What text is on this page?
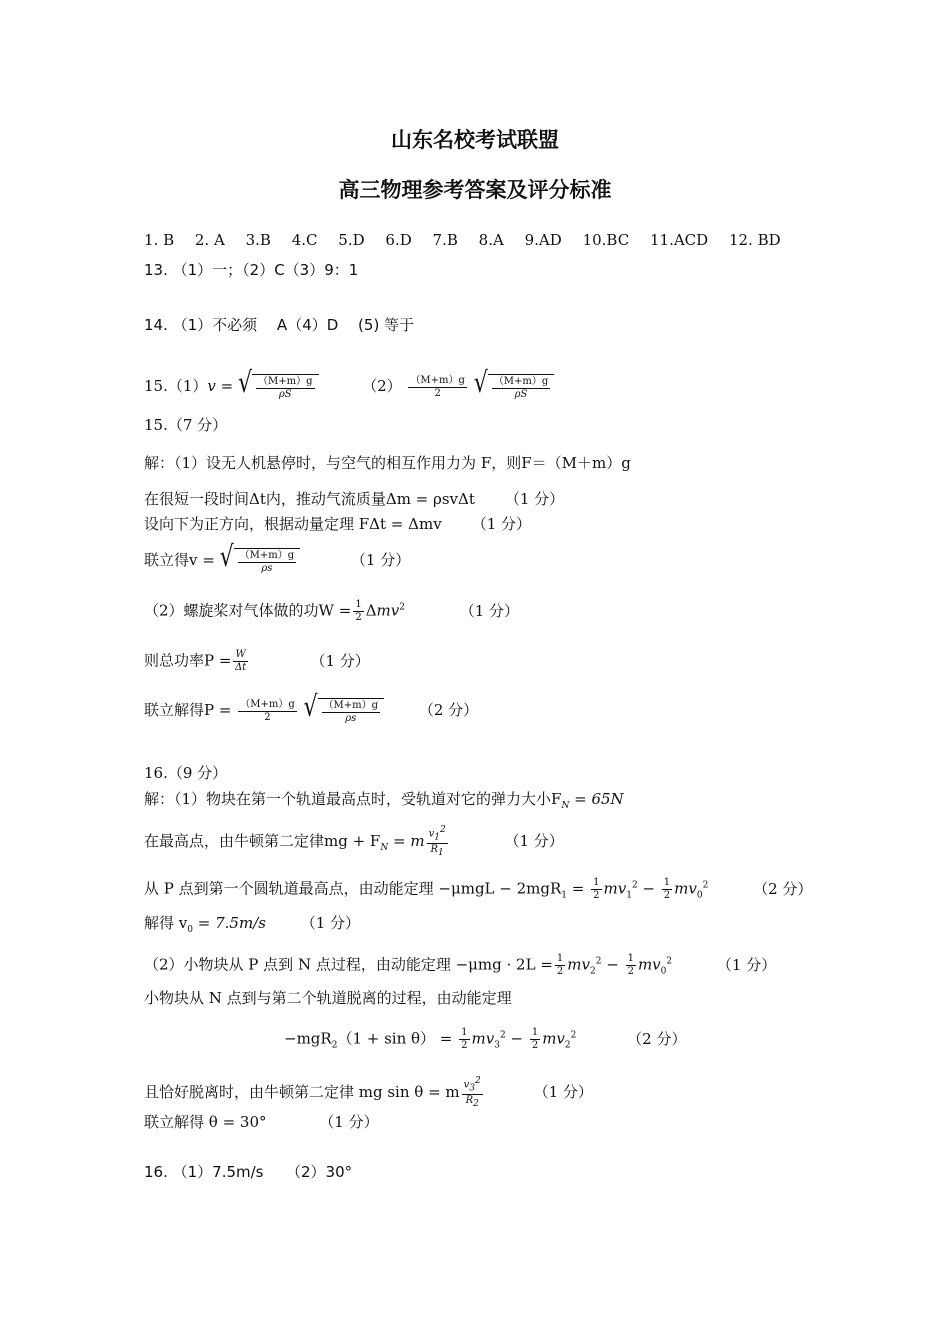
山东名校考试联盟
高三物理参考答案及评分标准
1. B 2. A 3.B 4.C 5.D 6.D 7.B 8.A 9.AD 10.BC 11.ACD 12. BD
13. （1）一；（2）C（3）9：1
14. （1）不必须　 A（4）D　 (5) 等于
15.（1）v = √ $\frac{(M+m)g}{\rho S}$	$(2) \frac{(M+m)g}{2}$
√ $\frac{(M+m)g}{\rho S}$
15.（7 分）
解：（1）设无人机悬停时，与空气的相互作用力为 F，则F＝（M＋m）g
在很短一段时间Δt内，推动气流质量Δm = ρsvΔt （1 分）
设向下为正方向，根据动量定理 FΔt = Δmv （1 分）
联立得v = √ $\frac{(M+m)g}{\rho s}$	（1 分）
（2）螺旋桨对气体做的功$W = \frac{1}{2} \Delta mv^2$	（1 分）
则总功率$P = \frac{W}{\Delta t}$	（1 分）
联立解得$P = \frac{(M+m)g}{2}$
√ $\frac{(M+m)g}{\rho s}$	（2 分）
16.（9 分）
解：（1）物块在第一个轨道最高点时，受轨道对它的弹力大小$F_N = 65N$
在最高点，由牛顿第二定律mg + $F_N = m \frac{v_1^2}{R_1}$	（1 分）
从 P 点到第一个圆轨道最高点，由动能定理 $-\mu mgL - 2mgR_1 = \frac{1}{2} mv_1^2 - \frac{1}{2} mv_0^2$	（2 分）
解得 $v_0 = 7.5m/s$ （1 分）
（2）小物块从 P 点到 N 点过程，由动能定理 $-\mu mg \cdot 2L = \frac{1}{2} mv_2^2 - \frac{1}{2} mv_0^2$	（1 分）
小物块从 N 点到与第二个轨道脱离的过程，由动能定理
$-mgR_2(1 + \sin \theta) = \frac{1}{2} mv_3^2 - \frac{1}{2} mv_2^2$	（2 分）
且恰好脱离时，由牛顿第二定律 mg sin θ = m $\frac{v_3^2}{R_2}$	（1 分）
联立解得 θ = 30°	（1 分）
16. （1）7.5m/s　　（2）30°
